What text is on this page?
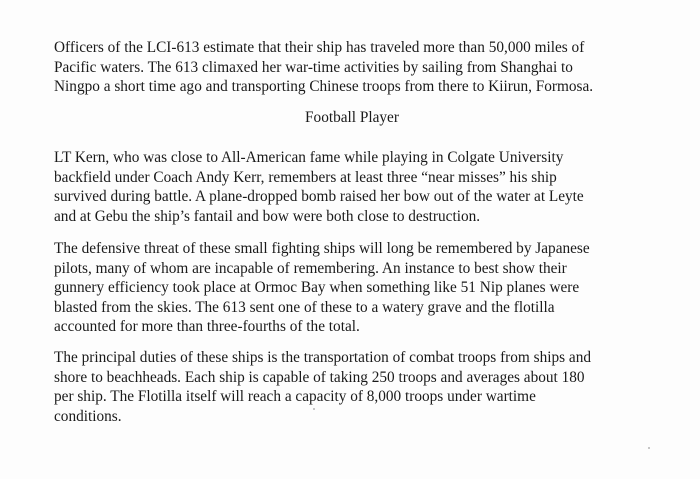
Officers of the LCI-613 estimate that their ship has traveled more than 50,000 miles of
Pacific waters. The 613 climaxed her war-time activities by sailing from Shanghai to
Ningpo a short time ago and transporting Chinese troops from there to Kiirun, Formosa.

Football Player

LT Kern, who was close to All-American fame while playing in Colgate University
backfield under Coach Andy Kerr, remembers at least three “near misses” his ship
survived during battle. A plane-dropped bomb raised her bow out of the water at Leyte
and at Gebu the ship’s fantail and bow were both close to destruction.

The defensive threat of these small fighting ships will long be remembered by Japanese
pilots, many of whom are incapable of remembering. An instance to best show their
gunnery efficiency took place at Ormoc Bay when something like 51 Nip planes were
blasted from the skies. The 613 sent one of these to a watery grave and the flotilla
accounted for more than three-fourths of the total.

The principal duties of these ships is the transportation of combat troops from ships and
shore to beachheads. Each ship is capable of taking 250 troops and averages about 180
per ship. The Flotilla itself will reach a capacity of 8,000 troops under wartime
conditions.
